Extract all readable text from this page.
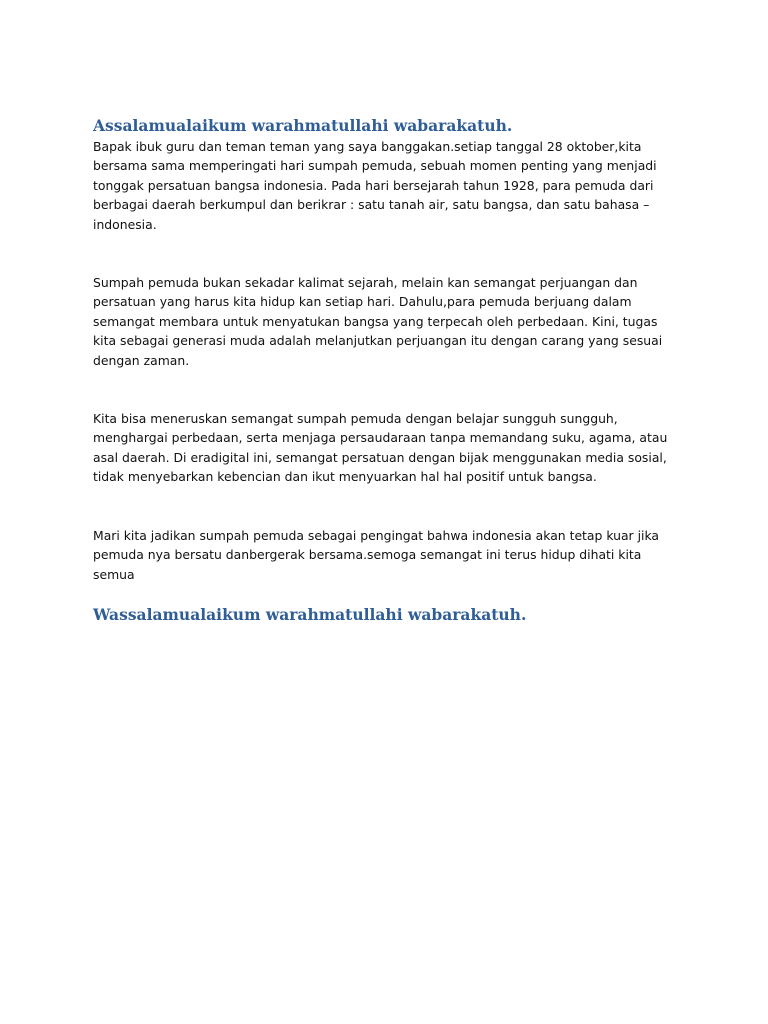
Assalamualaikum warahmatullahi wabarakatuh.

Bapak ibuk guru dan teman teman yang saya banggakan.setiap tanggal 28 oktober,kita bersama sama memperingati hari sumpah pemuda, sebuah momen penting yang menjadi tonggak persatuan bangsa indonesia. Pada hari bersejarah tahun 1928, para pemuda dari berbagai daerah berkumpul dan berikrar : satu tanah air, satu bangsa, dan satu bahasa –indonesia.

Sumpah pemuda bukan sekadar kalimat sejarah, melain kan semangat perjuangan dan persatuan yang harus kita hidup kan setiap hari. Dahulu,para pemuda berjuang dalam semangat membara untuk menyatukan bangsa yang terpecah oleh perbedaan. Kini, tugas kita sebagai generasi muda adalah melanjutkan perjuangan itu dengan carang yang sesuai dengan zaman.

Kita bisa meneruskan semangat sumpah pemuda dengan belajar sungguh sungguh, menghargai perbedaan, serta menjaga persaudaraan tanpa memandang suku, agama, atau asal daerah. Di eradigital ini, semangat persatuan dengan bijak menggunakan media sosial, tidak menyebarkan kebencian dan ikut menyuarkan hal hal positif untuk bangsa.

Mari kita jadikan sumpah pemuda sebagai pengingat bahwa indonesia akan tetap kuar jika pemuda nya bersatu danbergerak bersama.semoga semangat ini terus hidup dihati kita semua

Wassalamualaikum warahmatullahi wabarakatuh.
